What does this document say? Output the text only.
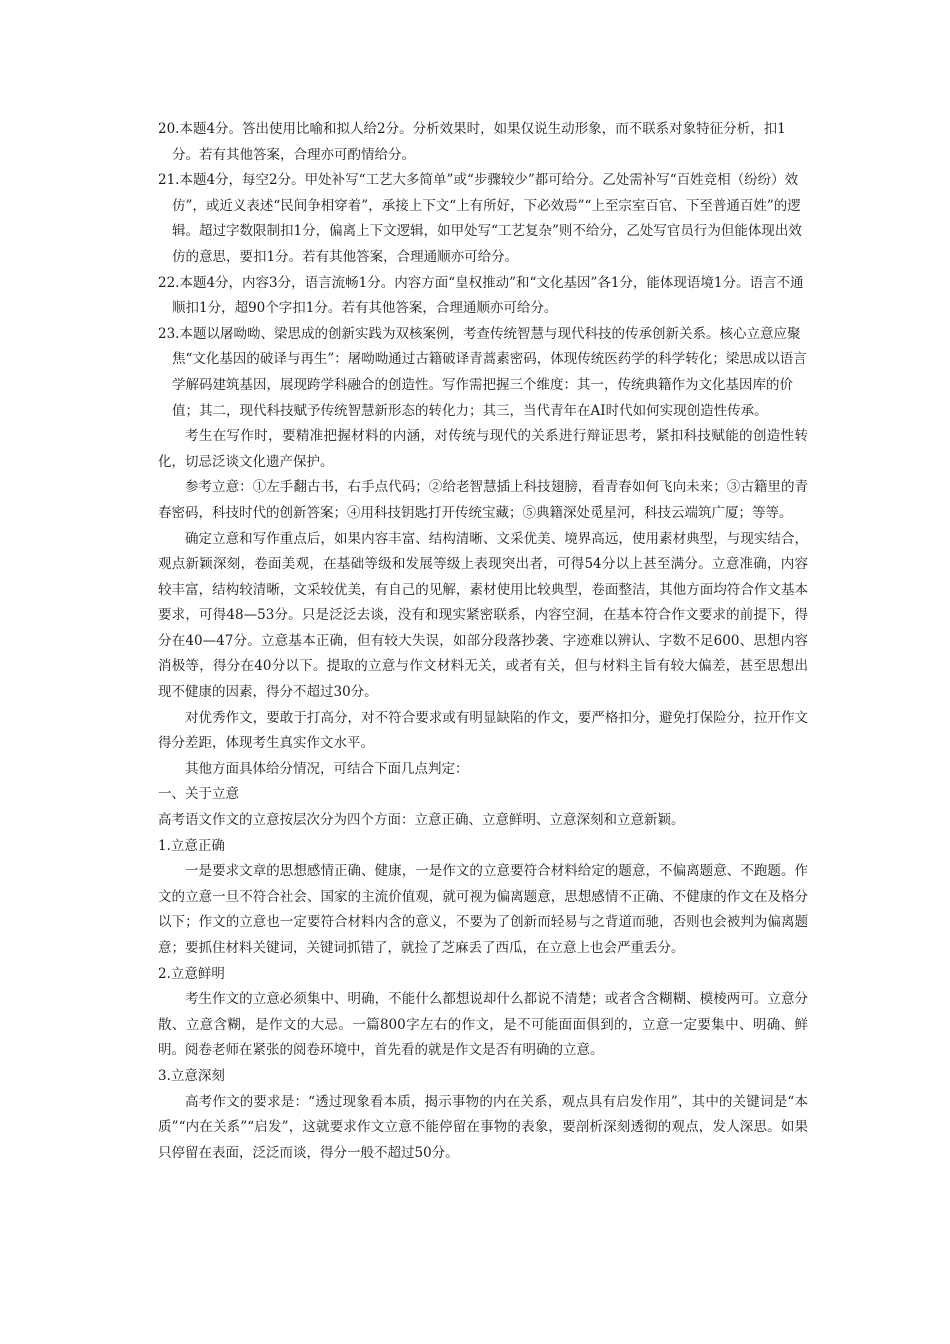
20.本题4分。答出使用比喻和拟人给2分。分析效果时，如果仅说生动形象，而不联系对象特征分析，扣1分。若有其他答案，合理亦可酌情给分。

21.本题4分，每空2分。甲处补写“工艺大多简单”或“步骤较少”都可给分。乙处需补写“百姓竞相（纷纷）效仿”，或近义表述“民间争相穿着”，承接上下文“上有所好，下必效焉”“上至宗室百官、下至普通百姓”的逻辑。超过字数限制扣1分，偏离上下文逻辑，如甲处写“工艺复杂”则不给分，乙处写官员行为但能体现出效仿的意思，要扣1分。若有其他答案，合理通顺亦可给分。

22.本题4分，内容3分，语言流畅1分。内容方面“皇权推动”和“文化基因”各1分，能体现语境1分。语言不通顺扣1分，超90个字扣1分。若有其他答案，合理通顺亦可给分。

23.本题以屠呦呦、梁思成的创新实践为双核案例，考查传统智慧与现代科技的传承创新关系。核心立意应聚焦“文化基因的破译与再生”：屠呦呦通过古籍破译青蒿素密码，体现传统医药学的科学转化；梁思成以语言学解码建筑基因，展现跨学科融合的创造性。写作需把握三个维度：其一，传统典籍作为文化基因库的价值；其二，现代科技赋予传统智慧新形态的转化力；其三，当代青年在AI时代如何实现创造性传承。

考生在写作时，要精准把握材料的内涵，对传统与现代的关系进行辩证思考，紧扣科技赋能的创造性转化，切忌泛谈文化遗产保护。

参考立意：①左手翻古书，右手点代码；②给老智慧插上科技翅膀，看青春如何飞向未来；③古籍里的青春密码，科技时代的创新答案；④用科技钥匙打开传统宝藏；⑤典籍深处觅星河，科技云端筑广厦；等等。

确定立意和写作重点后，如果内容丰富、结构清晰、文采优美、境界高远，使用素材典型，与现实结合，观点新颖深刻，卷面美观，在基础等级和发展等级上表现突出者，可得54分以上甚至满分。立意准确，内容较丰富，结构较清晰，文采较优美，有自己的见解，素材使用比较典型，卷面整洁，其他方面均符合作文基本要求，可得48—53分。只是泛泛去谈，没有和现实紧密联系，内容空洞，在基本符合作文要求的前提下，得分在40—47分。立意基本正确，但有较大失误，如部分段落抄袭、字迹难以辨认、字数不足600、思想内容消极等，得分在40分以下。提取的立意与作文材料无关，或者有关，但与材料主旨有较大偏差，甚至思想出现不健康的因素，得分不超过30分。

对优秀作文，要敢于打高分，对不符合要求或有明显缺陷的作文，要严格扣分，避免打保险分，拉开作文得分差距，体现考生真实作文水平。

其他方面具体给分情况，可结合下面几点判定：

一、关于立意

高考语文作文的立意按层次分为四个方面：立意正确、立意鲜明、立意深刻和立意新颖。

1.立意正确

一是要求文章的思想感情正确、健康，一是作文的立意要符合材料给定的题意，不偏离题意、不跑题。作文的立意一旦不符合社会、国家的主流价值观，就可视为偏离题意，思想感情不正确、不健康的作文在及格分以下；作文的立意也一定要符合材料内含的意义，不要为了创新而轻易与之背道而驰，否则也会被判为偏离题意；要抓住材料关键词，关键词抓错了，就捡了芝麻丢了西瓜，在立意上也会严重丢分。

2.立意鲜明

考生作文的立意必须集中、明确，不能什么都想说却什么都说不清楚；或者含含糊糊、模棱两可。立意分散、立意含糊，是作文的大忌。一篇800字左右的作文，是不可能面面俱到的，立意一定要集中、明确、鲜明。阅卷老师在紧张的阅卷环境中，首先看的就是作文是否有明确的立意。

3.立意深刻

高考作文的要求是：“透过现象看本质，揭示事物的内在关系，观点具有启发作用”，其中的关键词是“本质”“内在关系”“启发”，这就要求作文立意不能停留在事物的表象，要剖析深刻透彻的观点，发人深思。如果只停留在表面，泛泛而谈，得分一般不超过50分。
